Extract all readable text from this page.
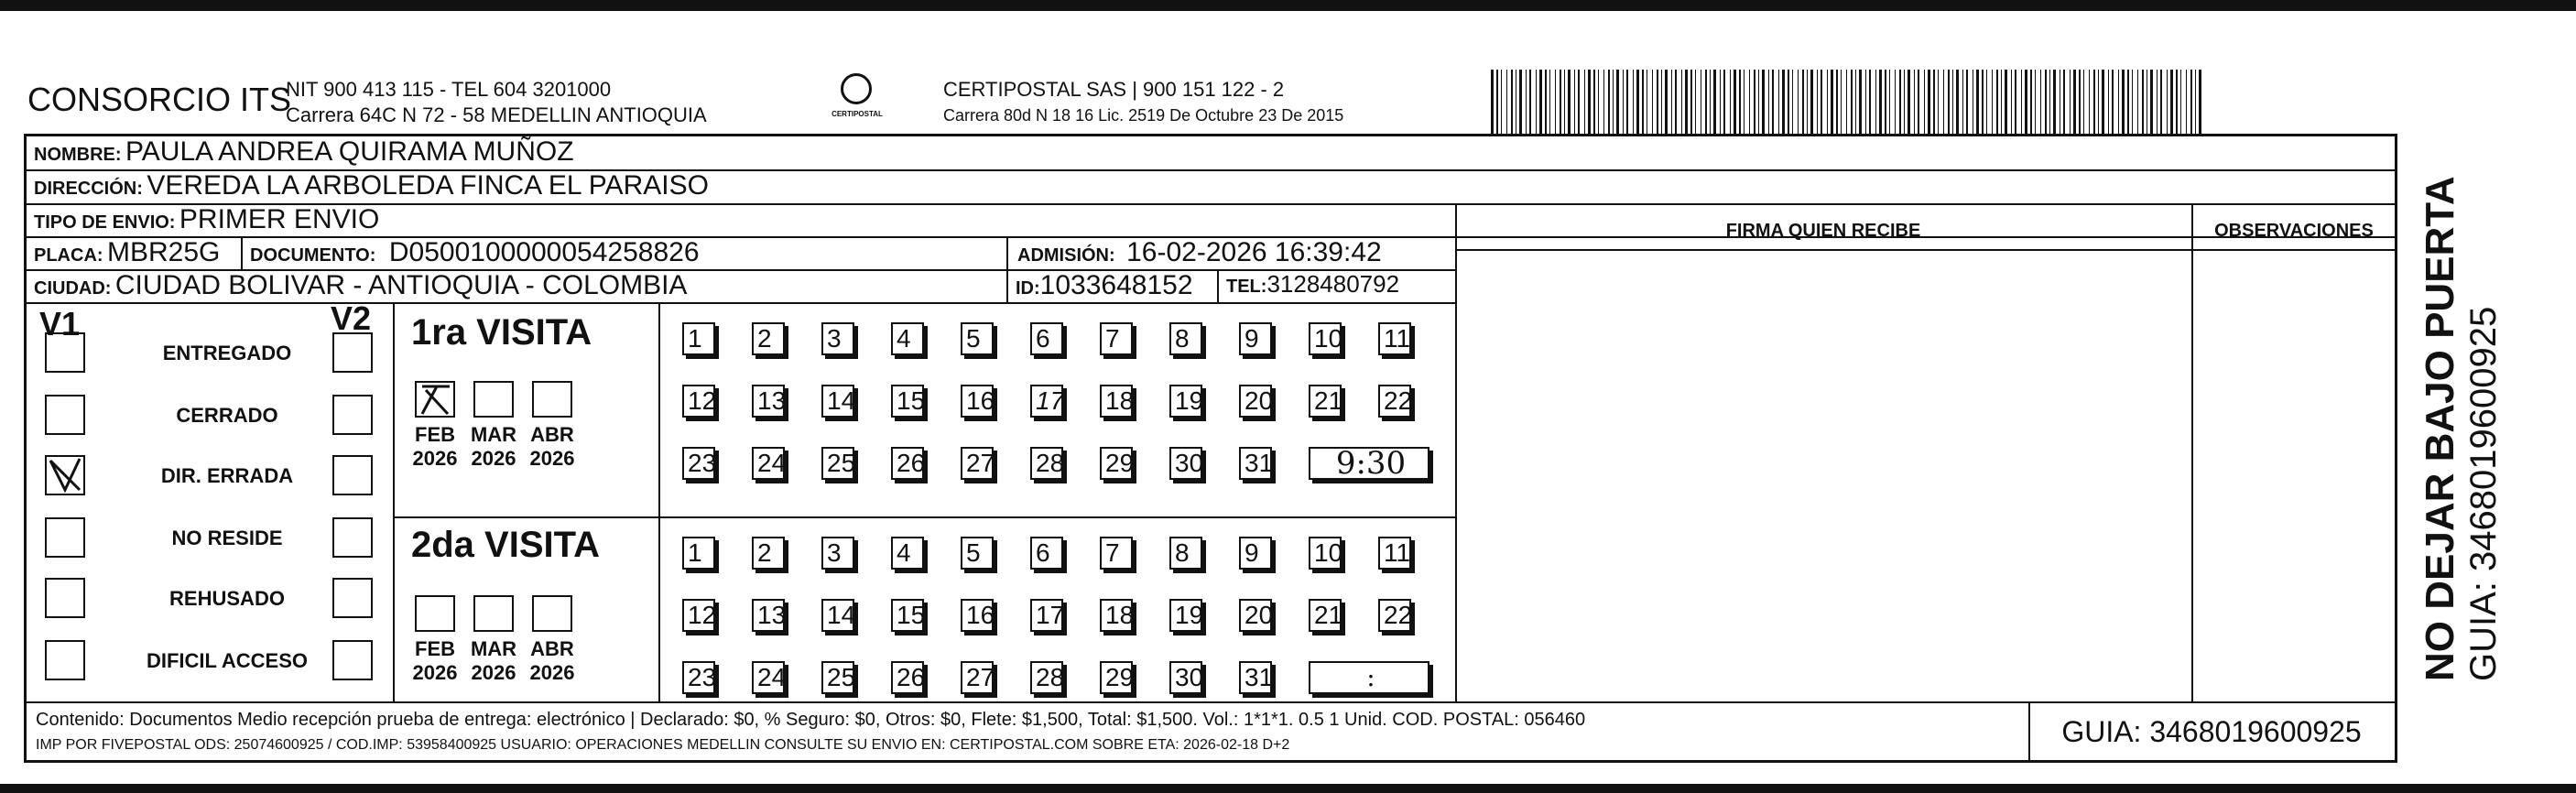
CONSORCIO ITS
NIT 900 413 115 - TEL 604 3201000
Carrera 64C N 72 - 58 MEDELLIN ANTIOQUIA	CERTIPOSTAL
CERTIPOSTAL SAS | 900 151 122 - 2
Carrera 80d N 18 16 Lic. 2519 De Octubre 23 De 2015
NOMBRE: PAULA ANDREA QUIRAMA MUÑOZ
DIRECCIÓN: VEREDA LA ARBOLEDA FINCA EL PARAISO
TIPO DE ENVIO: PRIMER ENVIO
PLACA: MBR25G DOCUMENTO: D0500100000054258826	ADMISIÓN: 16-02-2026 16:39:42
CIUDAD: CIUDAD BOLIVAR - ANTIOQUIA - COLOMBIA	ID:1033648152 TEL:3128480792
FIRMA QUIEN RECIBE	OBSERVACIONES
V1	V2
ENTREGADO
CERRADO
DIR. ERRADA
NO RESIDE
REHUSADO
DIFICIL ACCESO
1ra VISITA
2da VISITA
FEB
2026
MAR
2026
ABR
2026
1	2	3	4	5	6	7	8	9	10 11
12 13 14 15 16 17 18 19 20 21 22
23 24 25 26 27 28 29 30 31	9:30
FEB
2026
MAR
2026
ABR
2026
1	2	3	4	5	6	7	8	9	10 11
12 13 14 15 16 17 18 19 20 21 22
23 24 25 26 27 28 29 30 31	:
Contenido: Documentos Medio recepción prueba de entrega: electrónico | Declarado: $0, % Seguro: $0, Otros: $0, Flete: $1,500, Total: $1,500. Vol.: 1*1*1. 0.5 1 Unid. COD. POSTAL: 056460
IMP POR FIVEPOSTAL ODS: 25074600925 / COD.IMP: 53958400925 USUARIO: OPERACIONES MEDELLIN CONSULTE SU ENVIO EN: CERTIPOSTAL.COM SOBRE ETA: 2026-02-18 D+2	GUIA: 3468019600925
NO DEJAR BAJO PUERTA GUIA: 3468019600925
